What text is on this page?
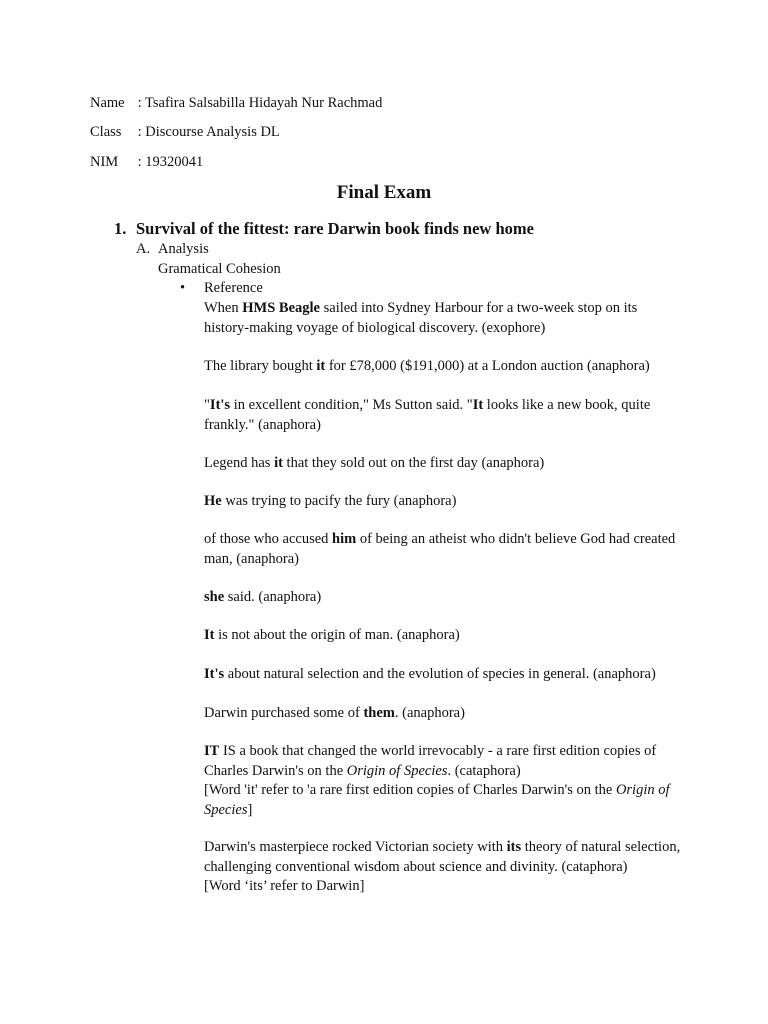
Name : Tsafira Salsabilla Hidayah Nur Rachmad
Class : Discourse Analysis DL
NIM : 19320041
Final Exam
1. Survival of the fittest: rare Darwin book finds new home
A. Analysis
Gramatical Cohesion
• Reference
When HMS Beagle sailed into Sydney Harbour for a two-week stop on its history-making voyage of biological discovery. (exophore)
The library bought it for £78,000 ($191,000) at a London auction (anaphora)
"It's in excellent condition," Ms Sutton said. "It looks like a new book, quite frankly." (anaphora)
Legend has it that they sold out on the first day (anaphora)
He was trying to pacify the fury (anaphora)
of those who accused him of being an atheist who didn't believe God had created man, (anaphora)
she said. (anaphora)
It is not about the origin of man. (anaphora)
It's about natural selection and the evolution of species in general. (anaphora)
Darwin purchased some of them. (anaphora)
IT IS a book that changed the world irrevocably - a rare first edition copies of Charles Darwin's on the Origin of Species. (cataphora)
[Word 'it' refer to 'a rare first edition copies of Charles Darwin's on the Origin of Species]
Darwin's masterpiece rocked Victorian society with its theory of natural selection, challenging conventional wisdom about science and divinity. (cataphora)
[Word ‘its’ refer to Darwin]
